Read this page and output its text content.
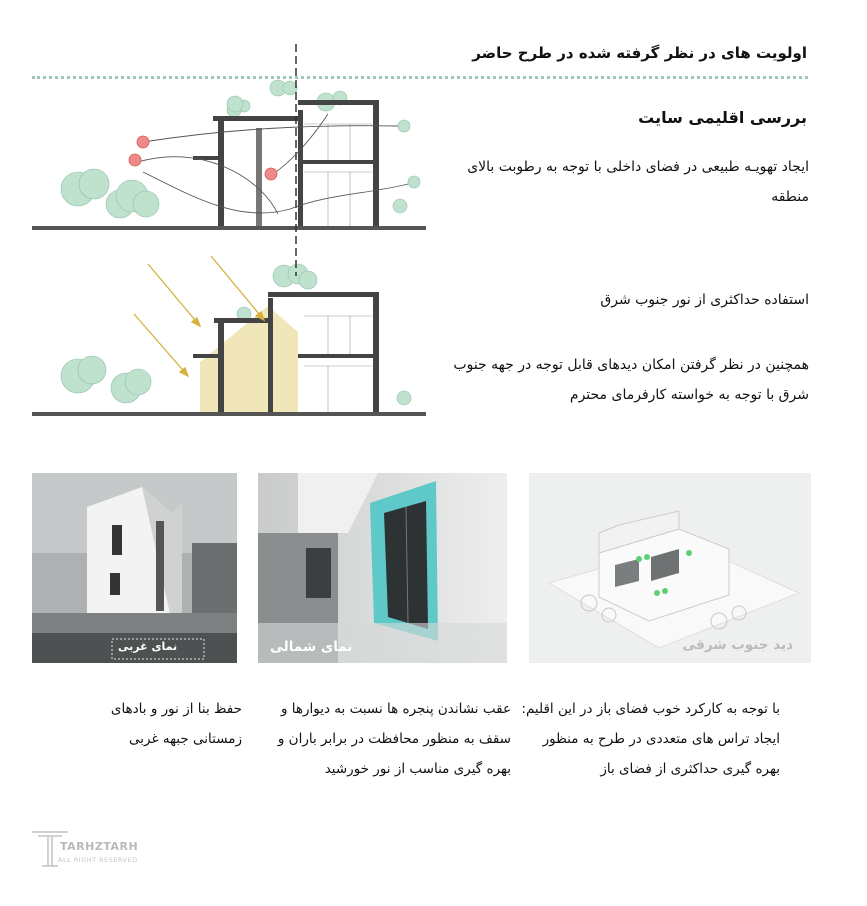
اولویت های در نظر گرفته شده در طرح حاضر
بررسی اقلیمی سایت
ایجاد تهویـه طبیعی در فضای داخلی با توجه به رطوبت بالای منطقه
استفاده حداکثری از نور جنوب شرق
همچنین در نظر گرفتن امکان دیدهای قابل توجه در جهه جنوب شرق با توجه به خواسته کارفرمای محترم
دید جنوب شرقی
نمای شمالی
نمای غربی
با توجه به کارکرد خوب فضای باز در این اقلیم: ایجاد تراس های متعددی در طرح به منظور بهره گیری حداکثری از فضای باز
عقب نشاندن پنجره ها نسبت به دیوارها و سقف به منظور محافظت در برابر باران و بهره گیری مناسب از نور خورشید
حفظ بنا از نور و بادهای زمستانی جبهه غربی
TARHZTARH
ALL RIGHT RESERVED
